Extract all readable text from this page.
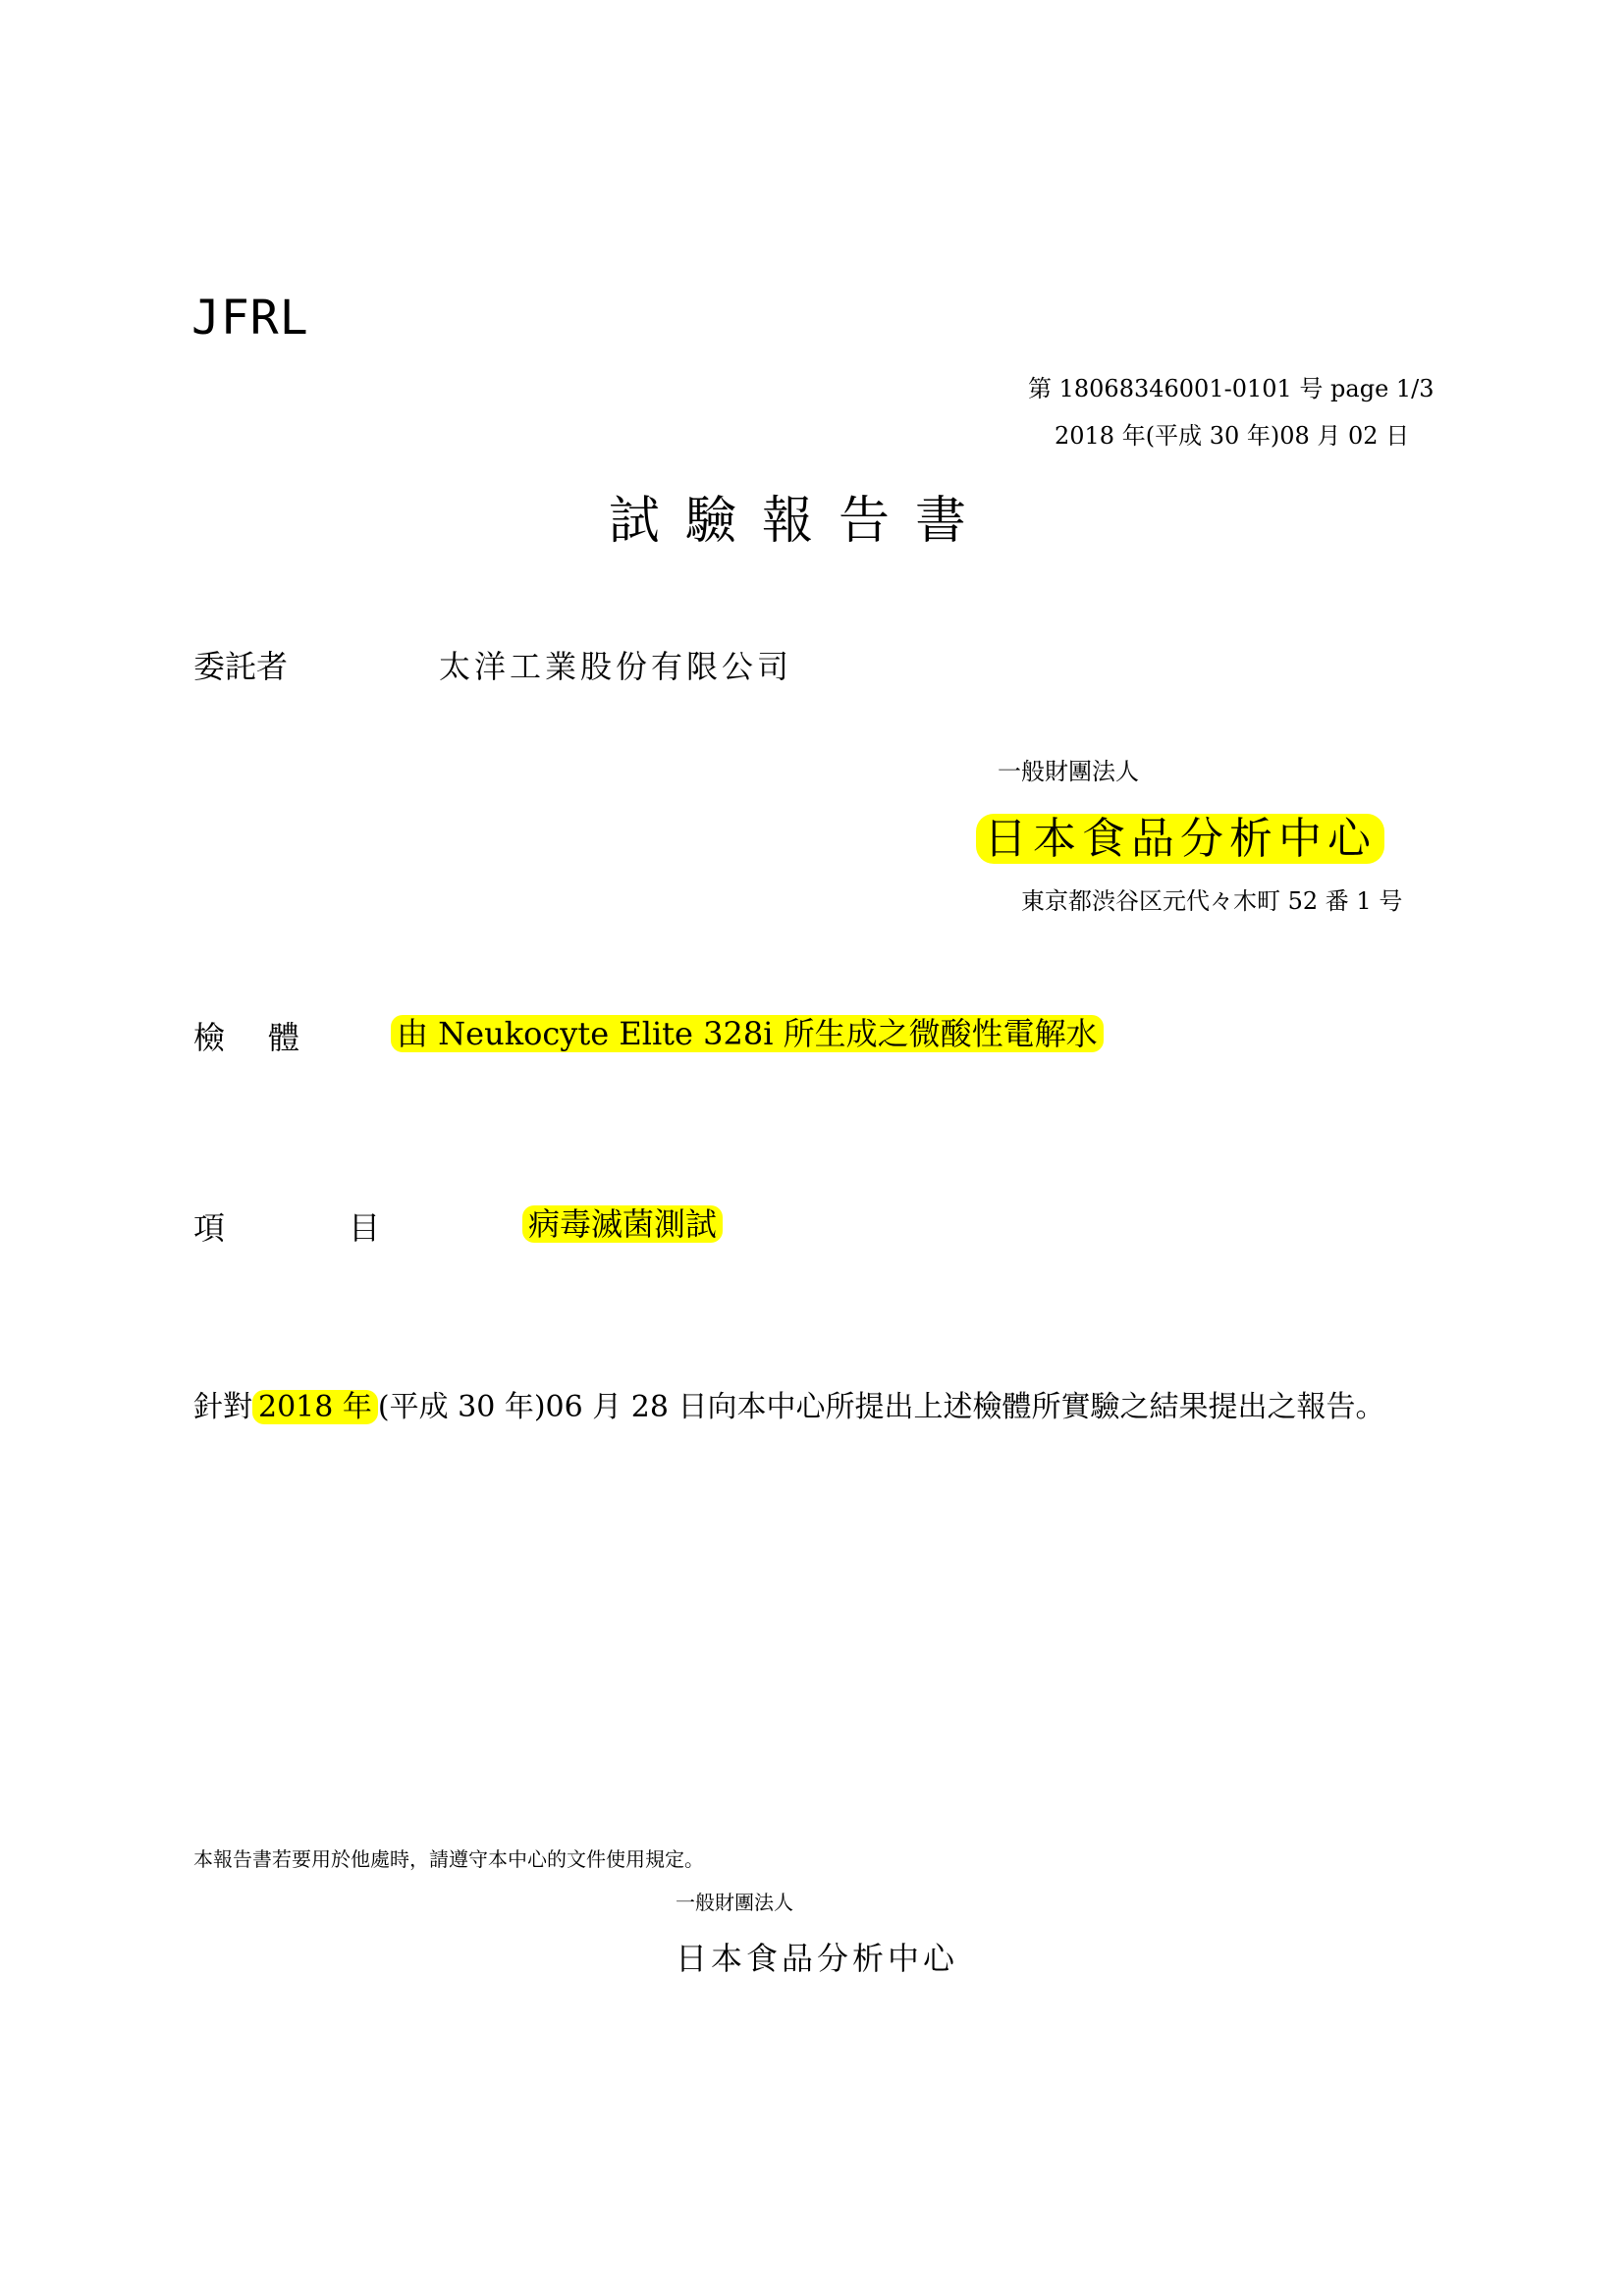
JFRL
第 18068346001-0101 号 page 1/3
2018 年(平成 30 年)08 月 02 日
試驗報告書
委託者	太洋工業股份有限公司
一般財團法人
日本食品分析中心
東京都渋谷区元代々木町 52 番 1 号
檢 體	由 Neukocyte Elite 328i 所生成之微酸性電解水
項	目	病毒滅菌測試
針對 2018 年 (平成 30 年)06 月 28 日向本中心所提出上述檢體所實驗之結果提出之報告。
本報告書若要用於他處時，請遵守本中心的文件使用規定。
一般財團法人
日本食品分析中心
